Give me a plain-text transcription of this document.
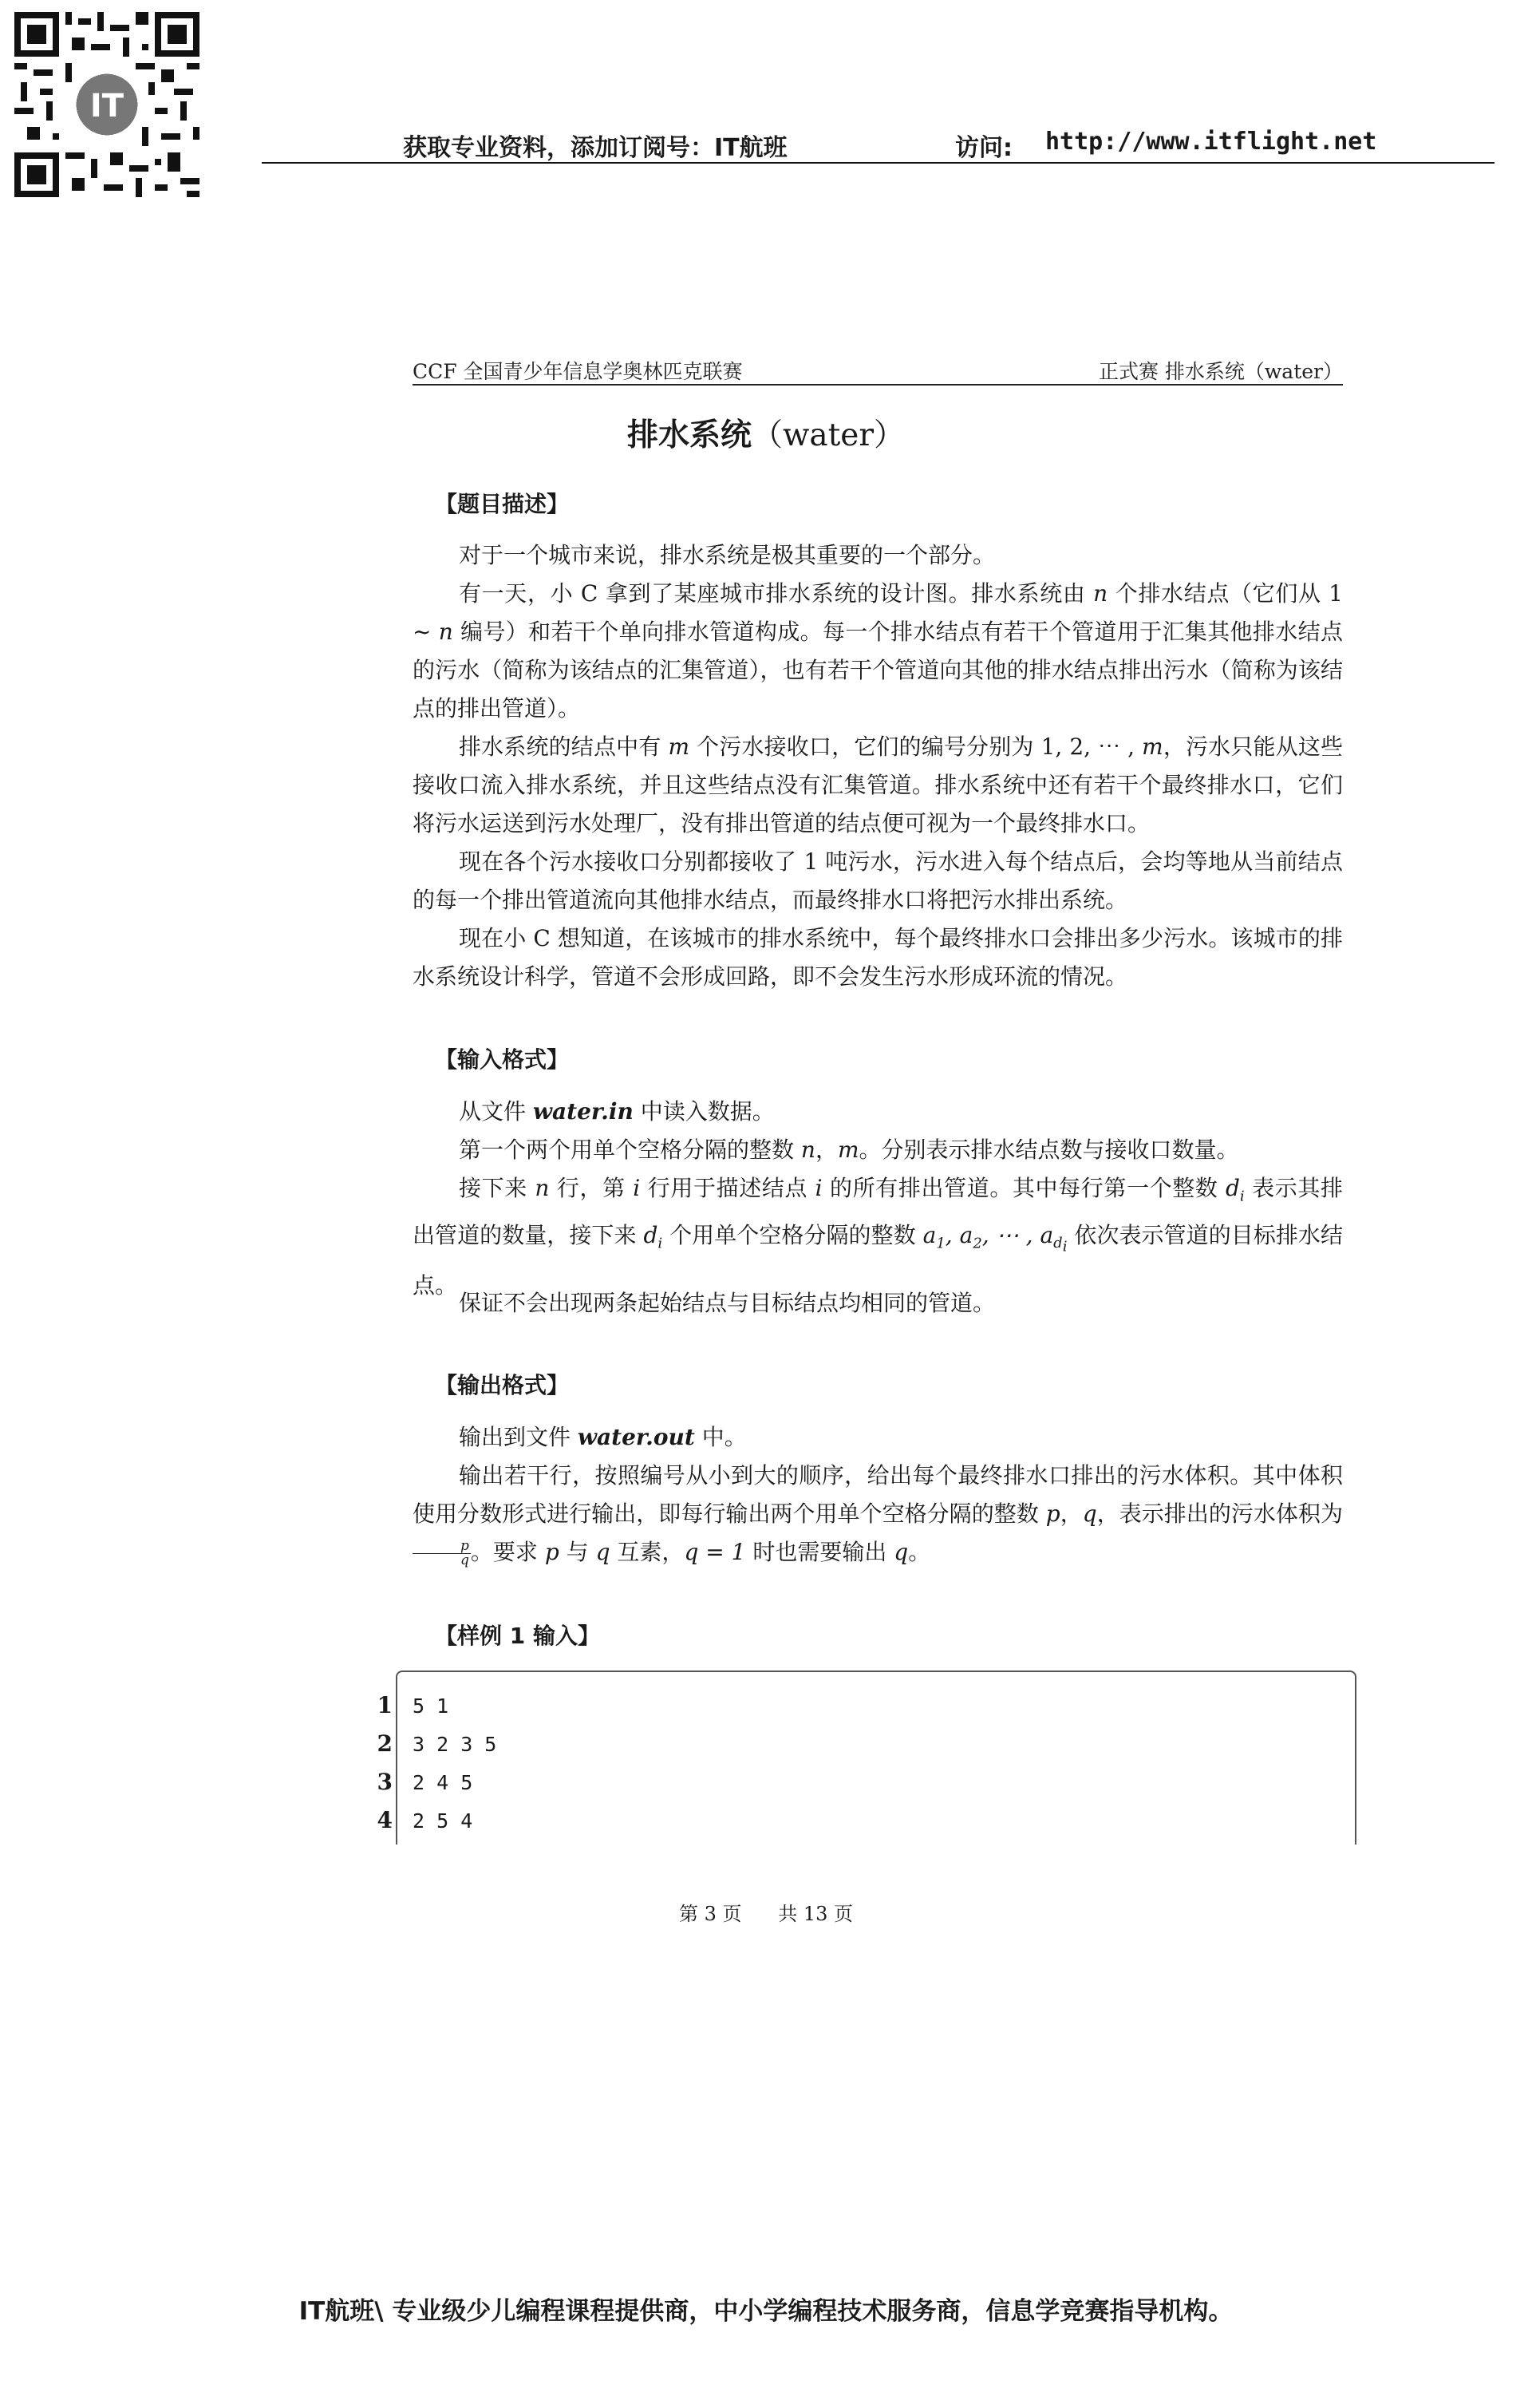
IT
获取专业资料，添加订阅号：IT航班	访问: http://www.itflight.net
CCF 全国青少年信息学奥林匹克联赛	正式赛 排水系统（water）
排水系统（water）
【题目描述】

对于一个城市来说，排水系统是极其重要的一个部分。

有一天，小 C 拿到了某座城市排水系统的设计图。排水系统由 n 个排水结点（它们从 1 ~ n 编号）和若干个单向排水管道构成。每一个排水结点有若干个管道用于汇集其他排水结点的污水（简称为该结点的汇集管道），也有若干个管道向其他的排水结点排出污水（简称为该结点的排出管道）。

排水系统的结点中有 m 个污水接收口，它们的编号分别为 1, 2, ⋯ , m，污水只能从这些接收口流入排水系统，并且这些结点没有汇集管道。排水系统中还有若干个最终排水口，它们将污水运送到污水处理厂，没有排出管道的结点便可视为一个最终排水口。

现在各个污水接收口分别都接收了 1 吨污水，污水进入每个结点后，会均等地从当前结点的每一个排出管道流向其他排水结点，而最终排水口将把污水排出系统。

现在小 C 想知道，在该城市的排水系统中，每个最终排水口会排出多少污水。该城市的排水系统设计科学，管道不会形成回路，即不会发生污水形成环流的情况。

【输入格式】

从文件 water.in 中读入数据。

第一个两个用单个空格分隔的整数 n，m。分别表示排水结点数与接收口数量。

接下来 n 行，第 i 行用于描述结点 i 的所有排出管道。其中每行第一个整数 $d_i$ 表示其排出管道的数量，接下来 $d_i$ 个用单个空格分隔的整数 $a_1$, $a_2$, ⋯ , $a_{d_i}$ 依次表示管道的目标排水结点。

保证不会出现两条起始结点与目标结点均相同的管道。

【输出格式】

输出到文件 water.out 中。

输出若干行，按照编号从小到大的顺序，给出每个最终排水口排出的污水体积。其中体积使用分数形式进行输出，即每行输出两个用单个空格分隔的整数 p，q，表示排出的污水体积为
$\frac{p}{q}$ 。要求 p 与 q 互素，q = 1 时也需要输出 q。

【样例 1 输入】
1 5 1
2 3 2 3 5
3 2 4 5
4 2 5 4
第 3 页 共 13 页
IT航班\ 专业级少儿编程课程提供商，中小学编程技术服务商，信息学竞赛指导机构。
